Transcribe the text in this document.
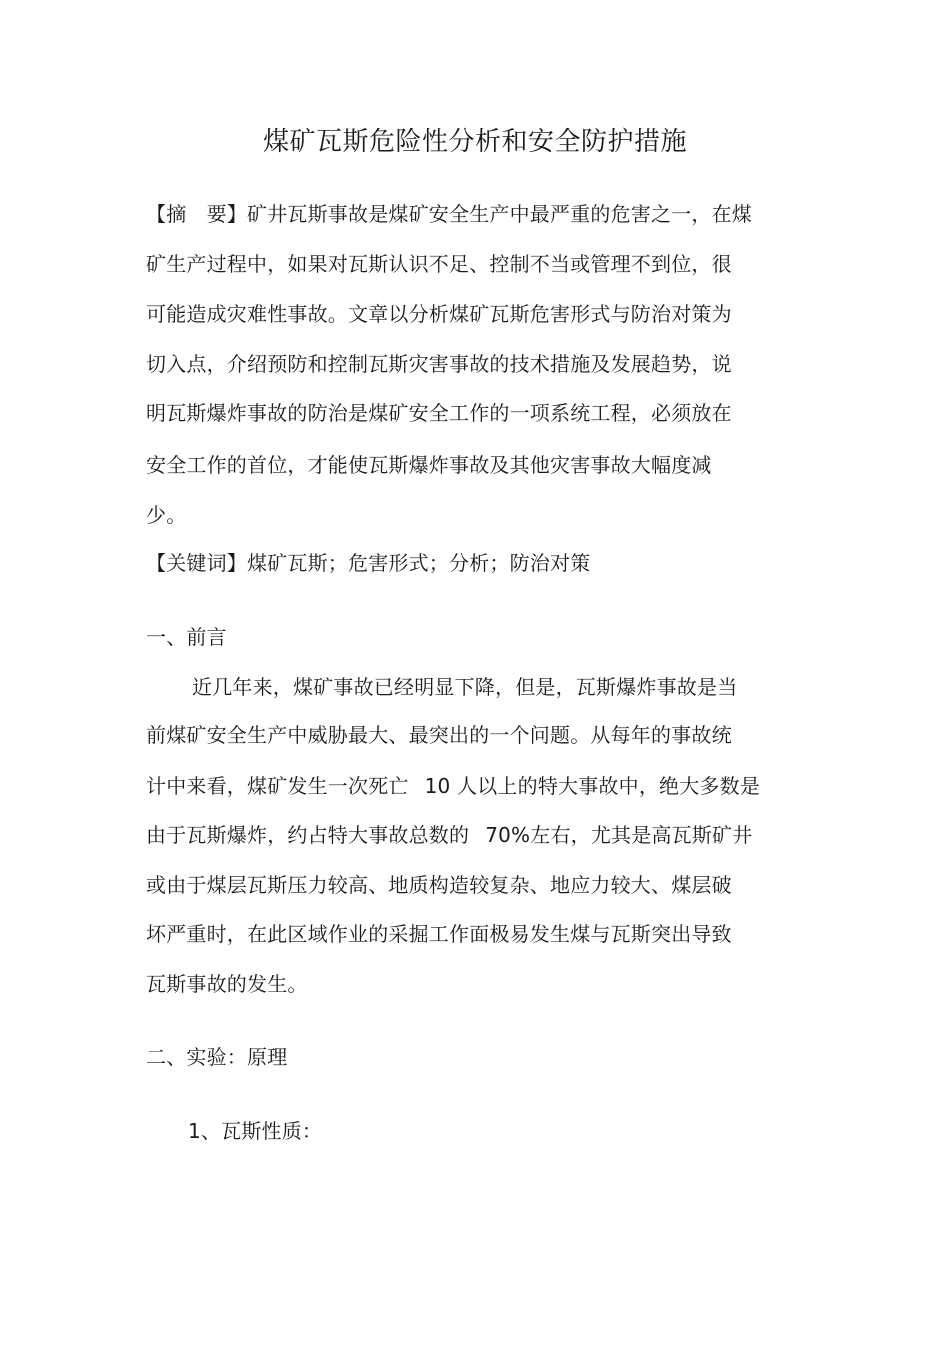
煤矿瓦斯危险性分析和安全防护措施
【摘　要】矿井瓦斯事故是煤矿安全生产中最严重的危害之一，在煤
矿生产过程中，如果对瓦斯认识不足、控制不当或管理不到位，很
可能造成灾难性事故。文章以分析煤矿瓦斯危害形式与防治对策为
切入点，介绍预防和控制瓦斯灾害事故的技术措施及发展趋势，说
明瓦斯爆炸事故的防治是煤矿安全工作的一项系统工程，必须放在
安全工作的首位，才能使瓦斯爆炸事故及其他灾害事故大幅度减
少。
【关键词】煤矿瓦斯；危害形式；分析；防治对策
一、前言
近几年来，煤矿事故已经明显下降，但是，瓦斯爆炸事故是当
前煤矿安全生产中威胁最大、最突出的一个问题。从每年的事故统
计中来看，煤矿发生一次死亡 10 人以上的特大事故中，绝大多数是
由于瓦斯爆炸，约占特大事故总数的 70%左右，尤其是高瓦斯矿井
或由于煤层瓦斯压力较高、地质构造较复杂、地应力较大、煤层破
坏严重时，在此区域作业的采掘工作面极易发生煤与瓦斯突出导致
瓦斯事故的发生。
二、实验：原理
1、瓦斯性质：
